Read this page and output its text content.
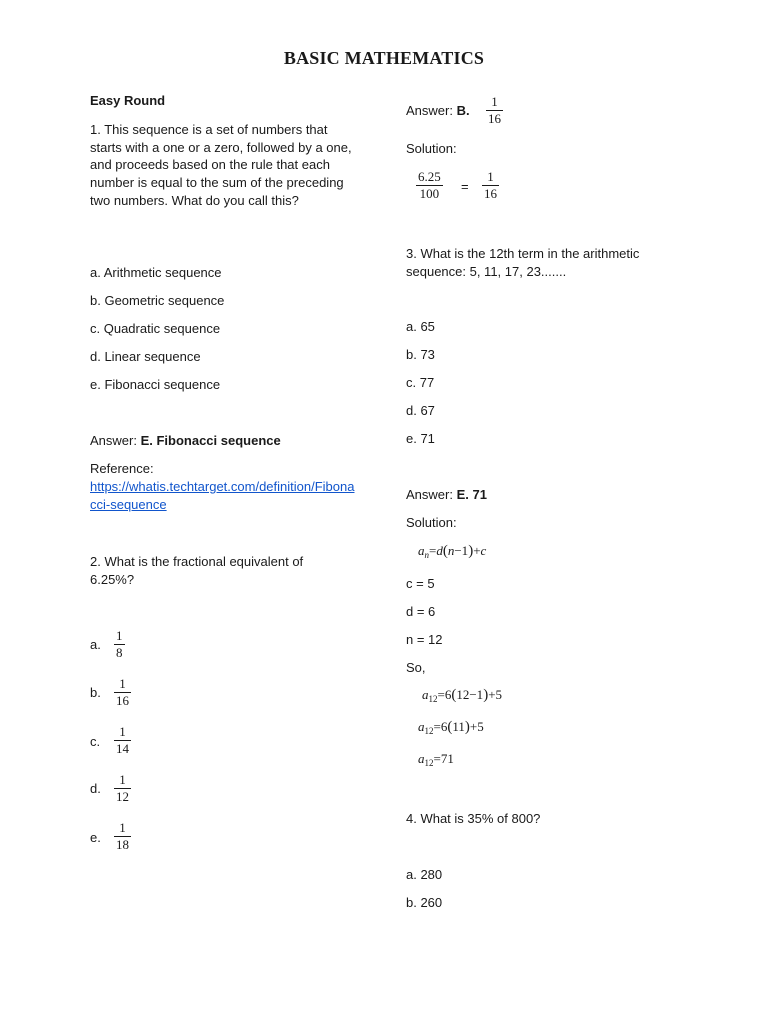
BASIC MATHEMATICS
Easy Round
1. This sequence is a set of numbers that starts with a one or a zero, followed by a one, and proceeds based on the rule that each number is equal to the sum of the preceding two numbers. What do you call this?
a. Arithmetic sequence
b. Geometric sequence
c. Quadratic sequence
d. Linear sequence
e. Fibonacci sequence
Answer: E. Fibonacci sequence
Reference:
https://whatis.techtarget.com/definition/Fibonacci-sequence
2. What is the fractional equivalent of 6.25%?
a.
1
8
b.
1
16
c.
1
14
d.
1
12
e.
1
18
Answer: B.
1
16
Solution:
6.25
100 =
1
16
3. What is the 12th term in the arithmetic sequence: 5, 11, 17, 23.......
a. 65
b. 73
c. 77
d. 67
e. 71
Answer: E. 71
Solution:
$a_n=d(n-1)+c$
c = 5
d = 6
n = 12
So,
$a_{12}=6(12-1)+5$
$a_{12}=6(11)+5$
$a_{12}=71$
4. What is 35% of 800?
a. 280
b. 260
